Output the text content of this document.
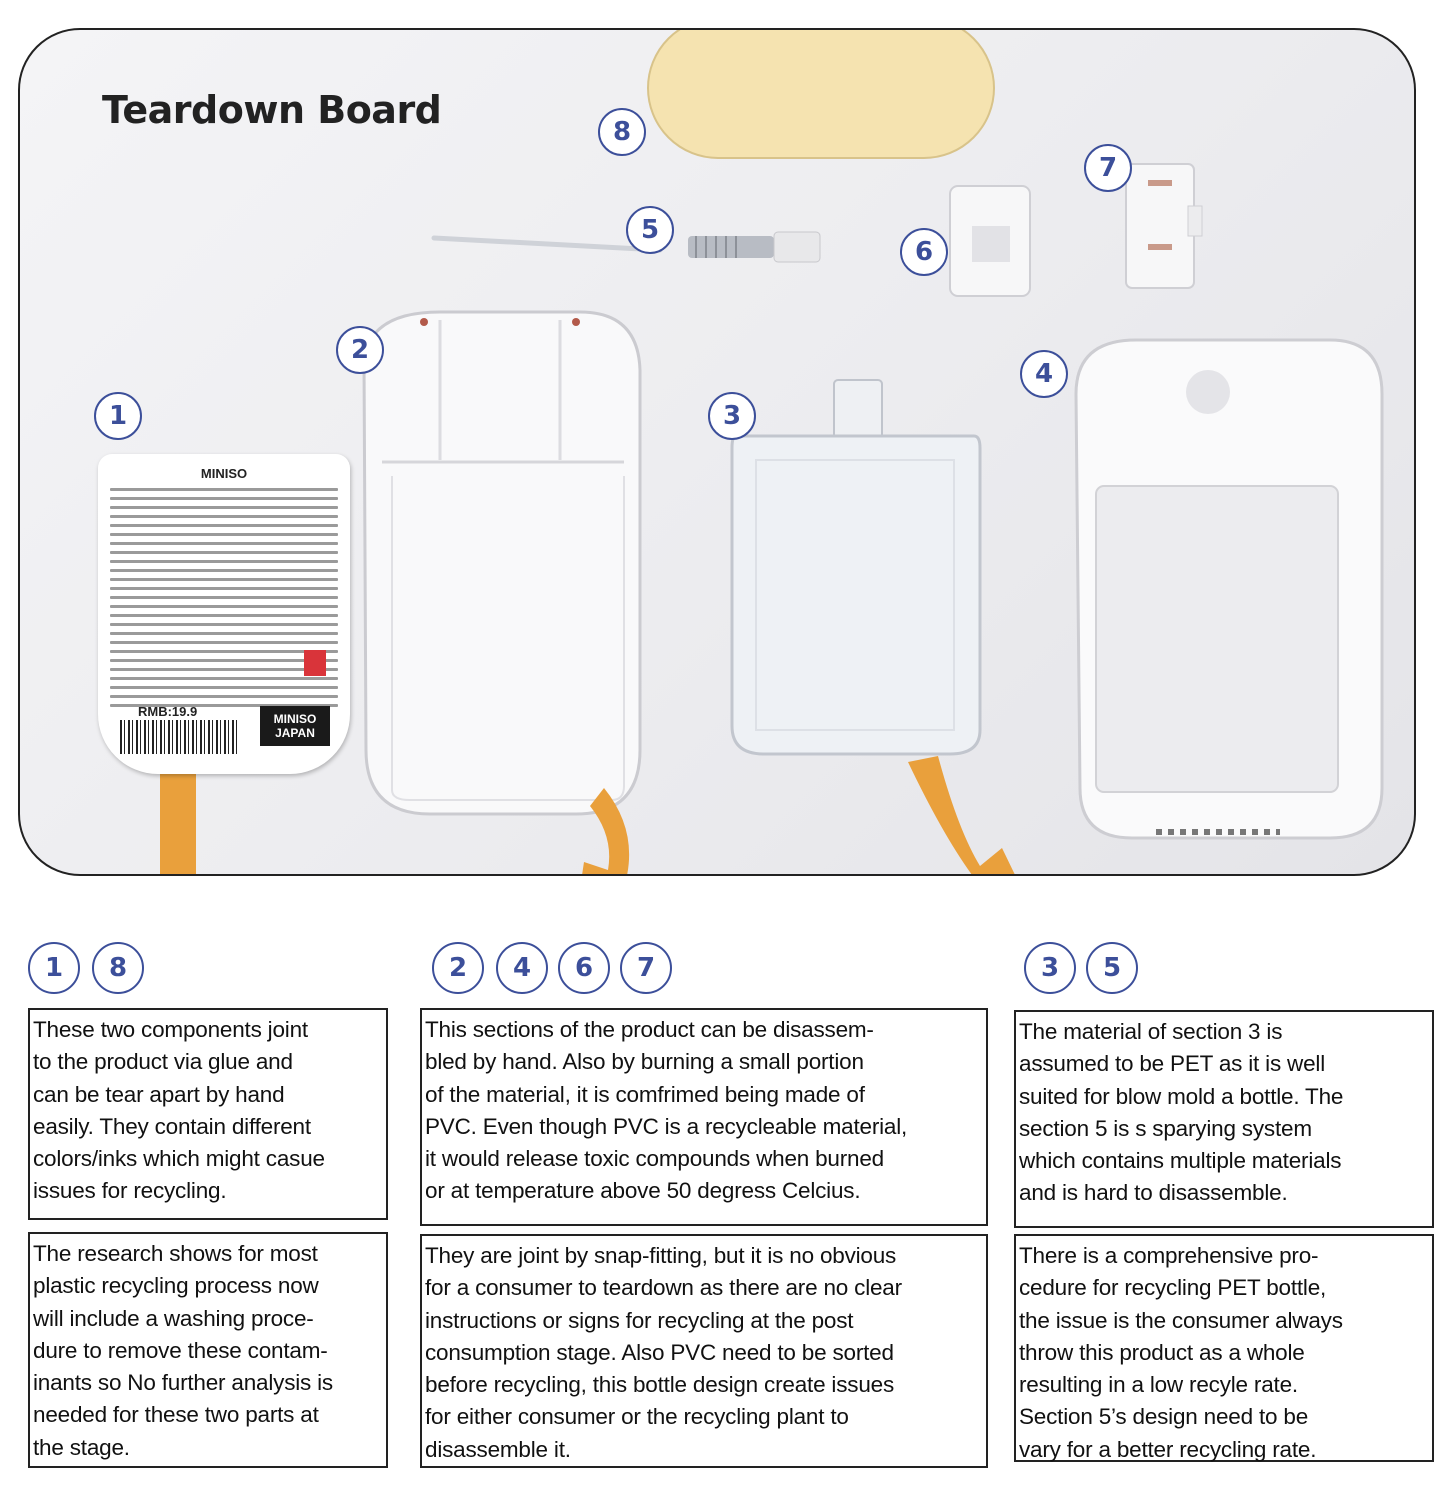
Teardown Board
MINISO
RMB:19.9	MINISO
JAPAN
8
5
6
7
2
4
1	3
1	8
These two components joint
to the product via glue and
can be tear apart by hand
easily. They contain different
colors/inks which might casue
issues for recycling.
The research shows for most
plastic recycling process now
will include a washing proce-
dure to remove these contam-
inants so No further analysis is
needed for these two parts at
the stage.
2	4	6	7
This sections of the product can be disassem-
bled by hand. Also by burning a small portion
of the material, it is comfrimed being made of
PVC. Even though PVC is a recycleable material,
it would release toxic compounds when burned
or at temperature above 50 degress Celcius.
They are joint by snap-fitting, but it is no obvious
for a consumer to teardown as there are no clear
instructions or signs for recycling at the post
consumption stage. Also PVC need to be sorted
before recycling, this bottle design create issues
for either consumer or the recycling plant to
disassemble it.
3	5
The material of section 3 is
assumed to be PET as it is well
suited for blow mold a bottle. The
section 5 is s sparying system
which contains multiple materials
and is hard to disassemble.
There is a comprehensive pro-
cedure for recycling PET bottle,
the issue is the consumer always
throw this product as a whole
resulting in a low recyle rate.
Section 5’s design need to be
vary for a better recycling rate.
